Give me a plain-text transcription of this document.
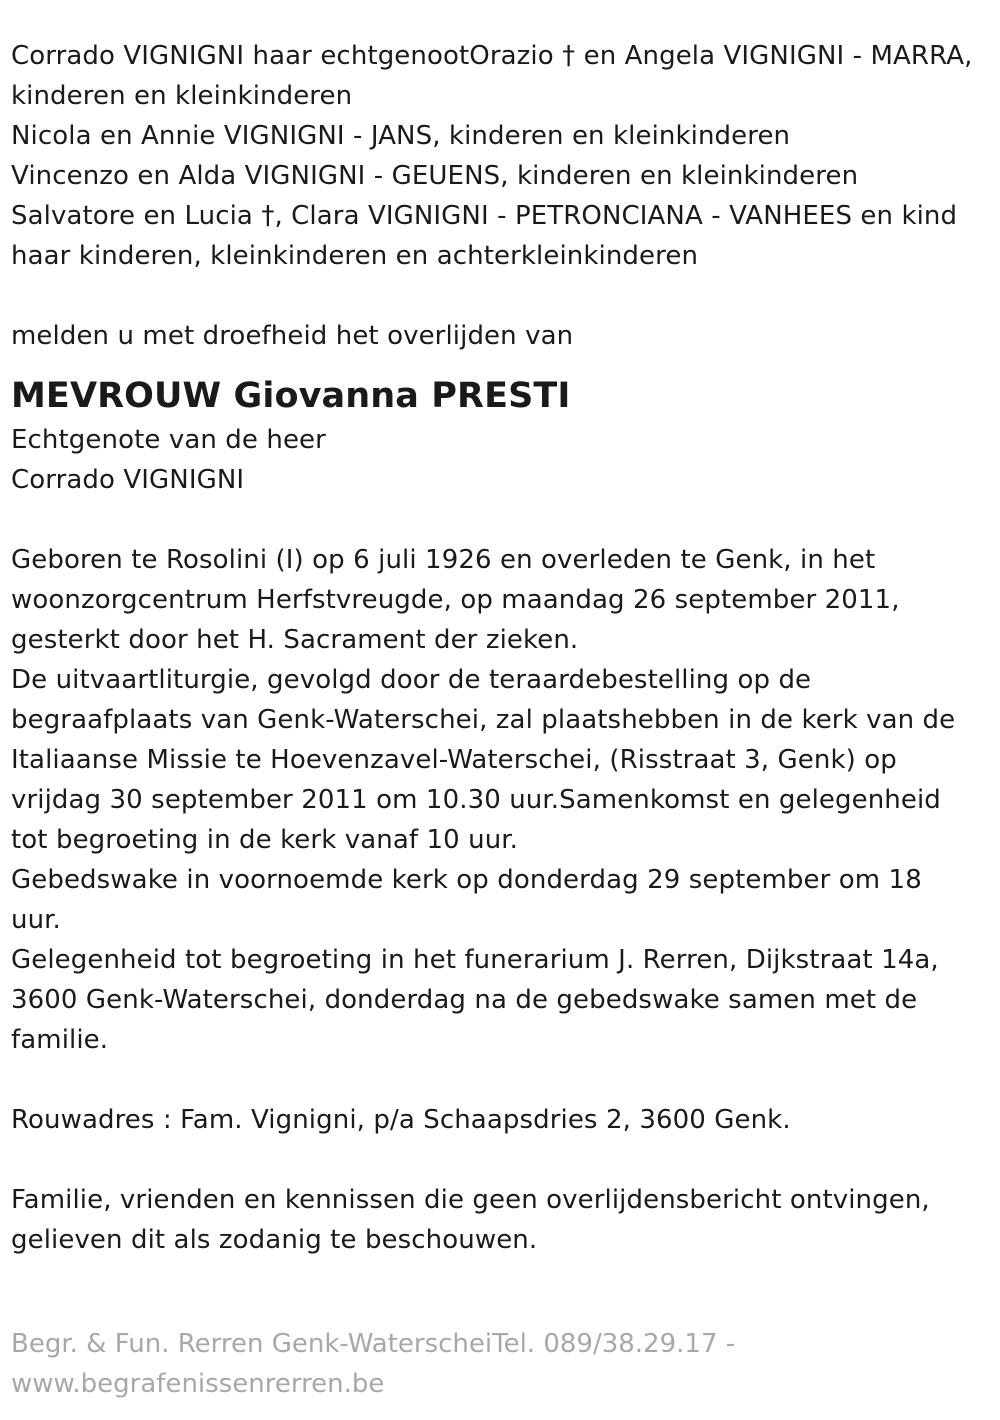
Corrado VIGNIGNI haar echtgenootOrazio † en Angela VIGNIGNI - MARRA,
kinderen en kleinkinderen
Nicola en Annie VIGNIGNI - JANS, kinderen en kleinkinderen
Vincenzo en Alda VIGNIGNI - GEUENS, kinderen en kleinkinderen
Salvatore en Lucia †, Clara VIGNIGNI - PETRONCIANA - VANHEES en kind
haar kinderen, kleinkinderen en achterkleinkinderen
melden u met droefheid het overlijden van
MEVROUW Giovanna PRESTI
Echtgenote van de heer
Corrado VIGNIGNI
Geboren te Rosolini (I) op 6 juli 1926 en overleden te Genk, in het
woonzorgcentrum Herfstvreugde, op maandag 26 september 2011,
gesterkt door het H. Sacrament der zieken.
De uitvaartliturgie, gevolgd door de teraardebestelling op de
begraafplaats van Genk-Waterschei, zal plaatshebben in de kerk van de
Italiaanse Missie te Hoevenzavel-Waterschei, (Risstraat 3, Genk) op
vrijdag 30 september 2011 om 10.30 uur.Samenkomst en gelegenheid
tot begroeting in de kerk vanaf 10 uur.
Gebedswake in voornoemde kerk op donderdag 29 september om 18
uur.
Gelegenheid tot begroeting in het funerarium J. Rerren, Dijkstraat 14a,
3600 Genk-Waterschei, donderdag na de gebedswake samen met de
familie.
Rouwadres : Fam. Vignigni, p/a Schaapsdries 2, 3600 Genk.
Familie, vrienden en kennissen die geen overlijdensbericht ontvingen,
gelieven dit als zodanig te beschouwen.
Begr. & Fun. Rerren Genk-WaterscheiTel. 089/38.29.17 -
www.begrafenissenrerren.be
